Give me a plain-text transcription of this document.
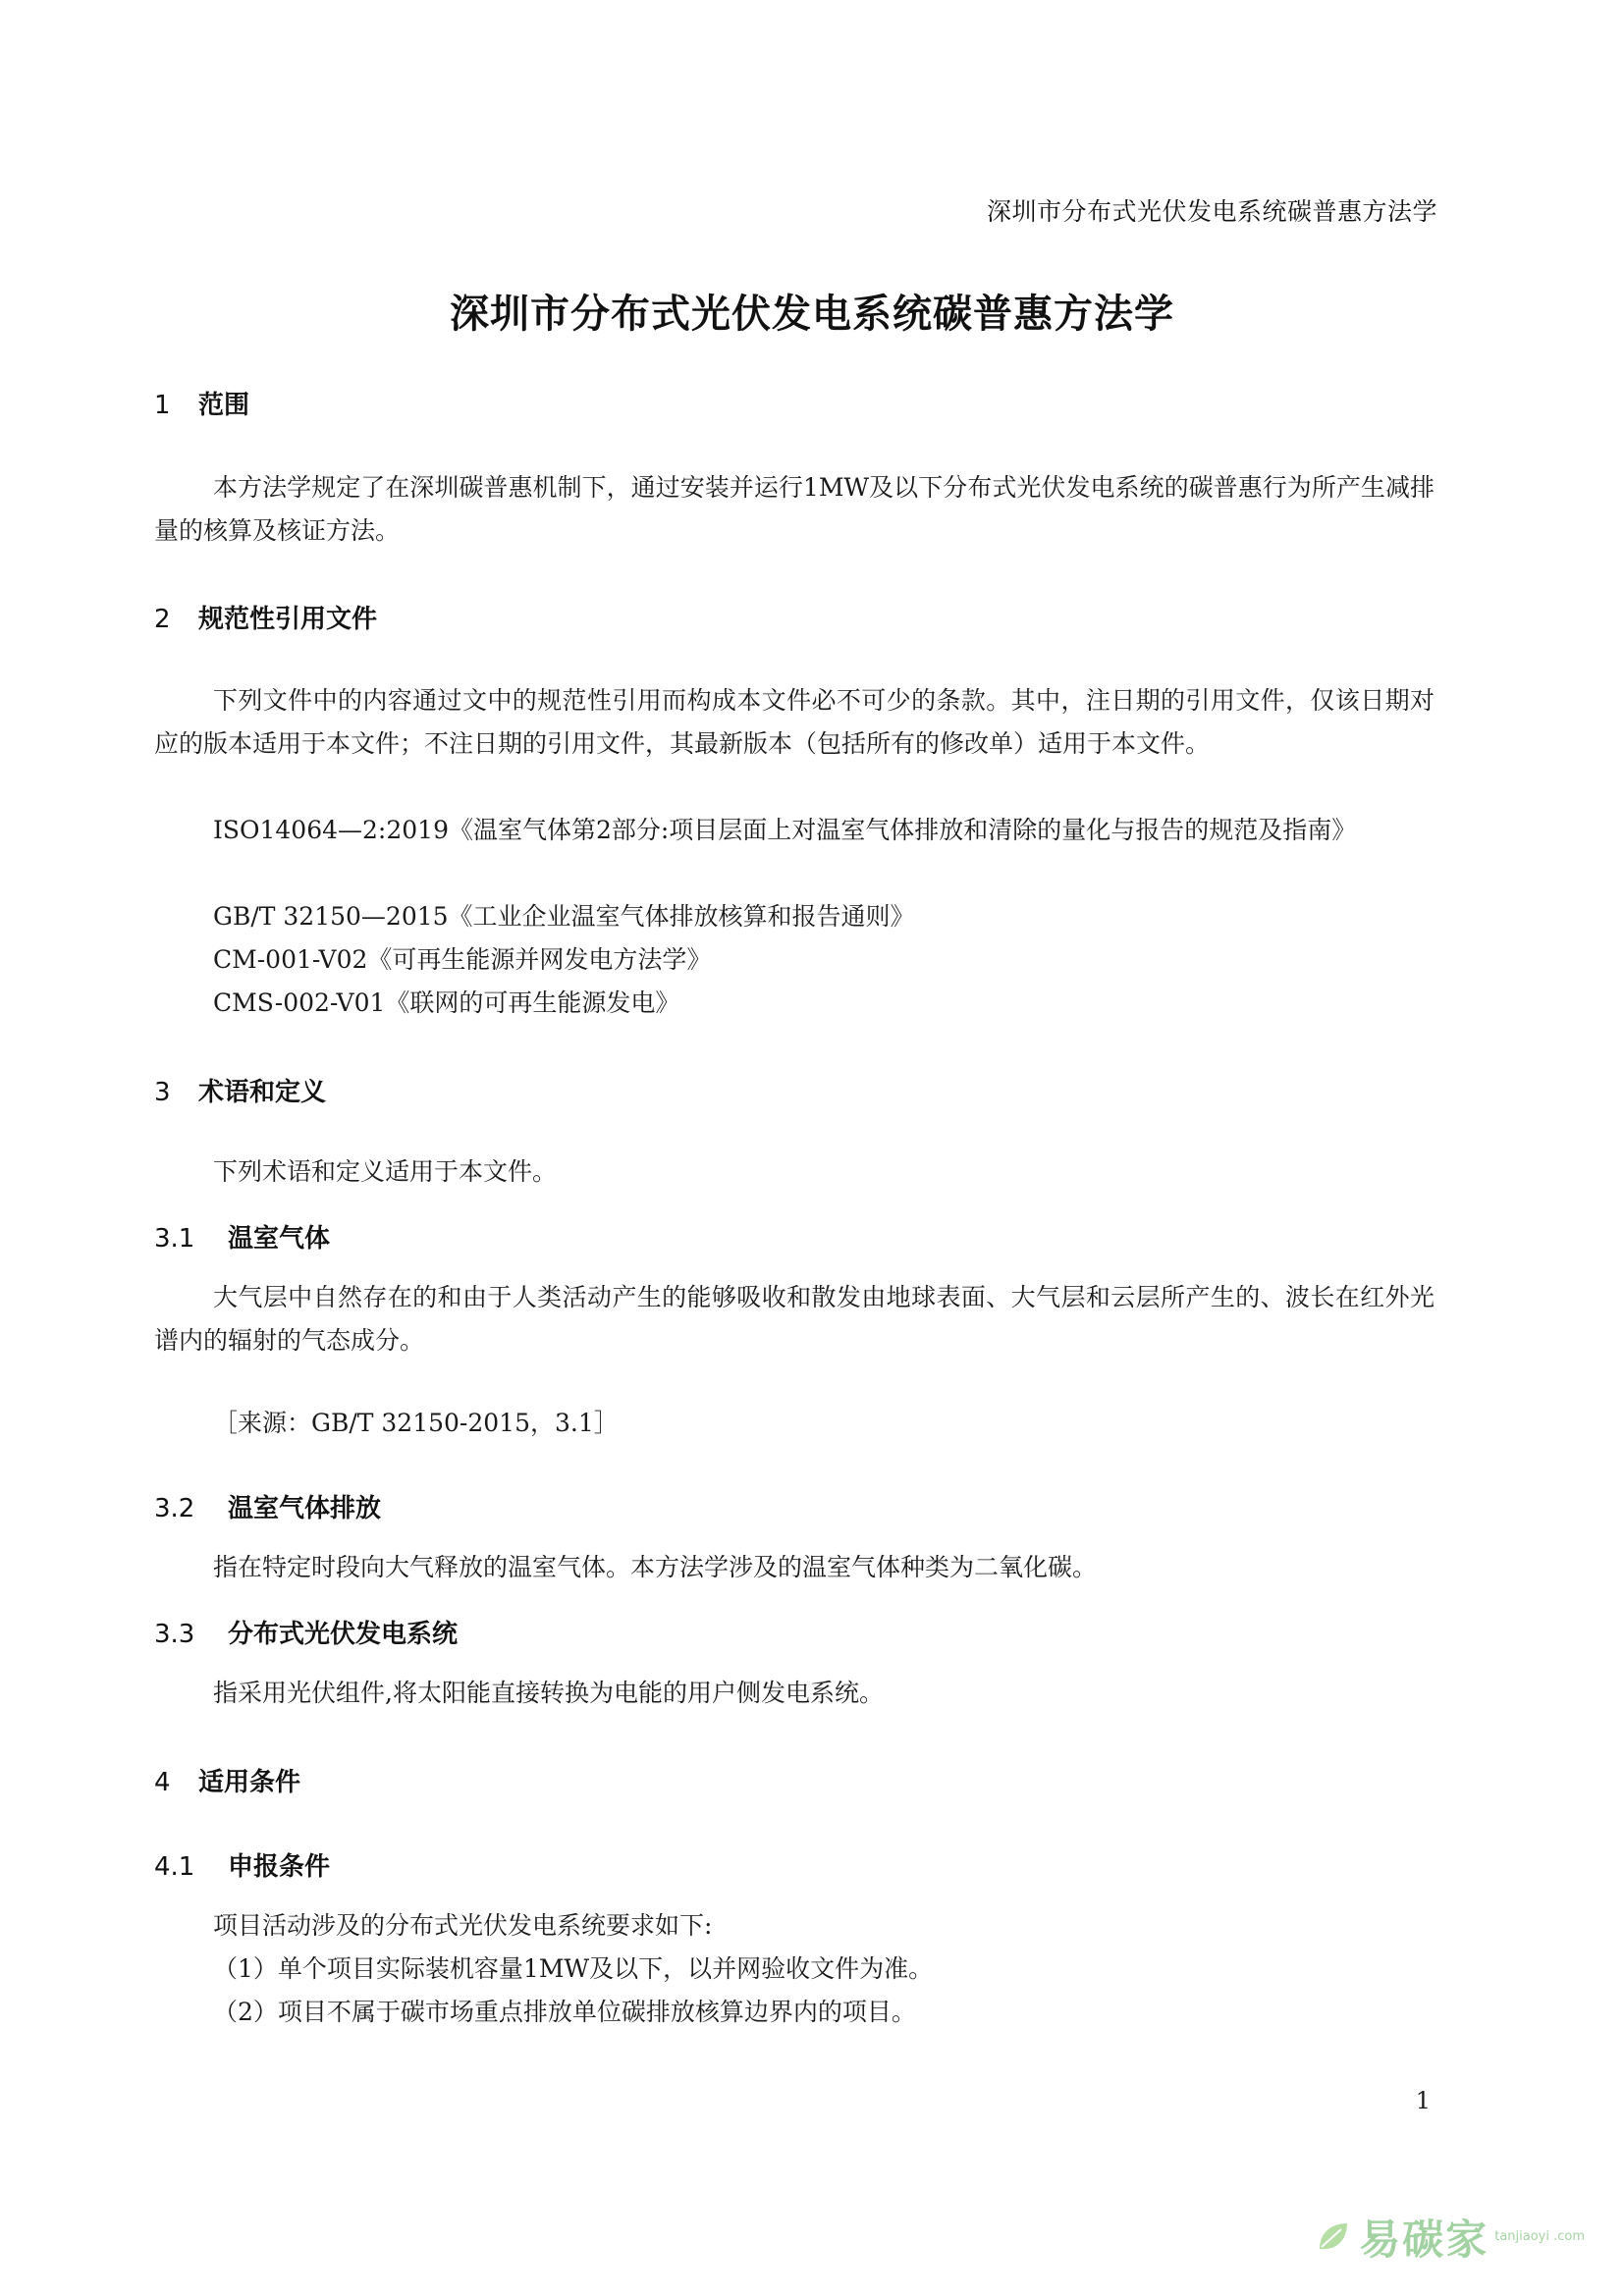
深圳市分布式光伏发电系统碳普惠方法学
深圳市分布式光伏发电系统碳普惠方法学
1 范围
本方法学规定了在深圳碳普惠机制下，通过安装并运行1MW及以下分布式光伏发电系统的碳普惠行为所产生减排量的核算及核证方法。
2 规范性引用文件
下列文件中的内容通过文中的规范性引用而构成本文件必不可少的条款。其中，注日期的引用文件，仅该日期对应的版本适用于本文件；不注日期的引用文件，其最新版本（包括所有的修改单）适用于本文件。
ISO14064—2:2019《温室气体第2部分:项目层面上对温室气体排放和清除的量化与报告的规范及指南》
GB/T 32150—2015《工业企业温室气体排放核算和报告通则》
CM-001-V02《可再生能源并网发电方法学》
CMS-002-V01《联网的可再生能源发电》
3 术语和定义
下列术语和定义适用于本文件。
3.1 温室气体
大气层中自然存在的和由于人类活动产生的能够吸收和散发由地球表面、大气层和云层所产生的、波长在红外光谱内的辐射的气态成分。
［来源：GB/T 32150-2015，3.1］
3.2 温室气体排放
指在特定时段向大气释放的温室气体。本方法学涉及的温室气体种类为二氧化碳。
3.3 分布式光伏发电系统
指采用光伏组件,将太阳能直接转换为电能的用户侧发电系统。
4 适用条件
4.1 申报条件
项目活动涉及的分布式光伏发电系统要求如下:
（1）单个项目实际装机容量1MW及以下，以并网验收文件为准。
（2）项目不属于碳市场重点排放单位碳排放核算边界内的项目。
1
易碳家 tanjiaoyi .com
